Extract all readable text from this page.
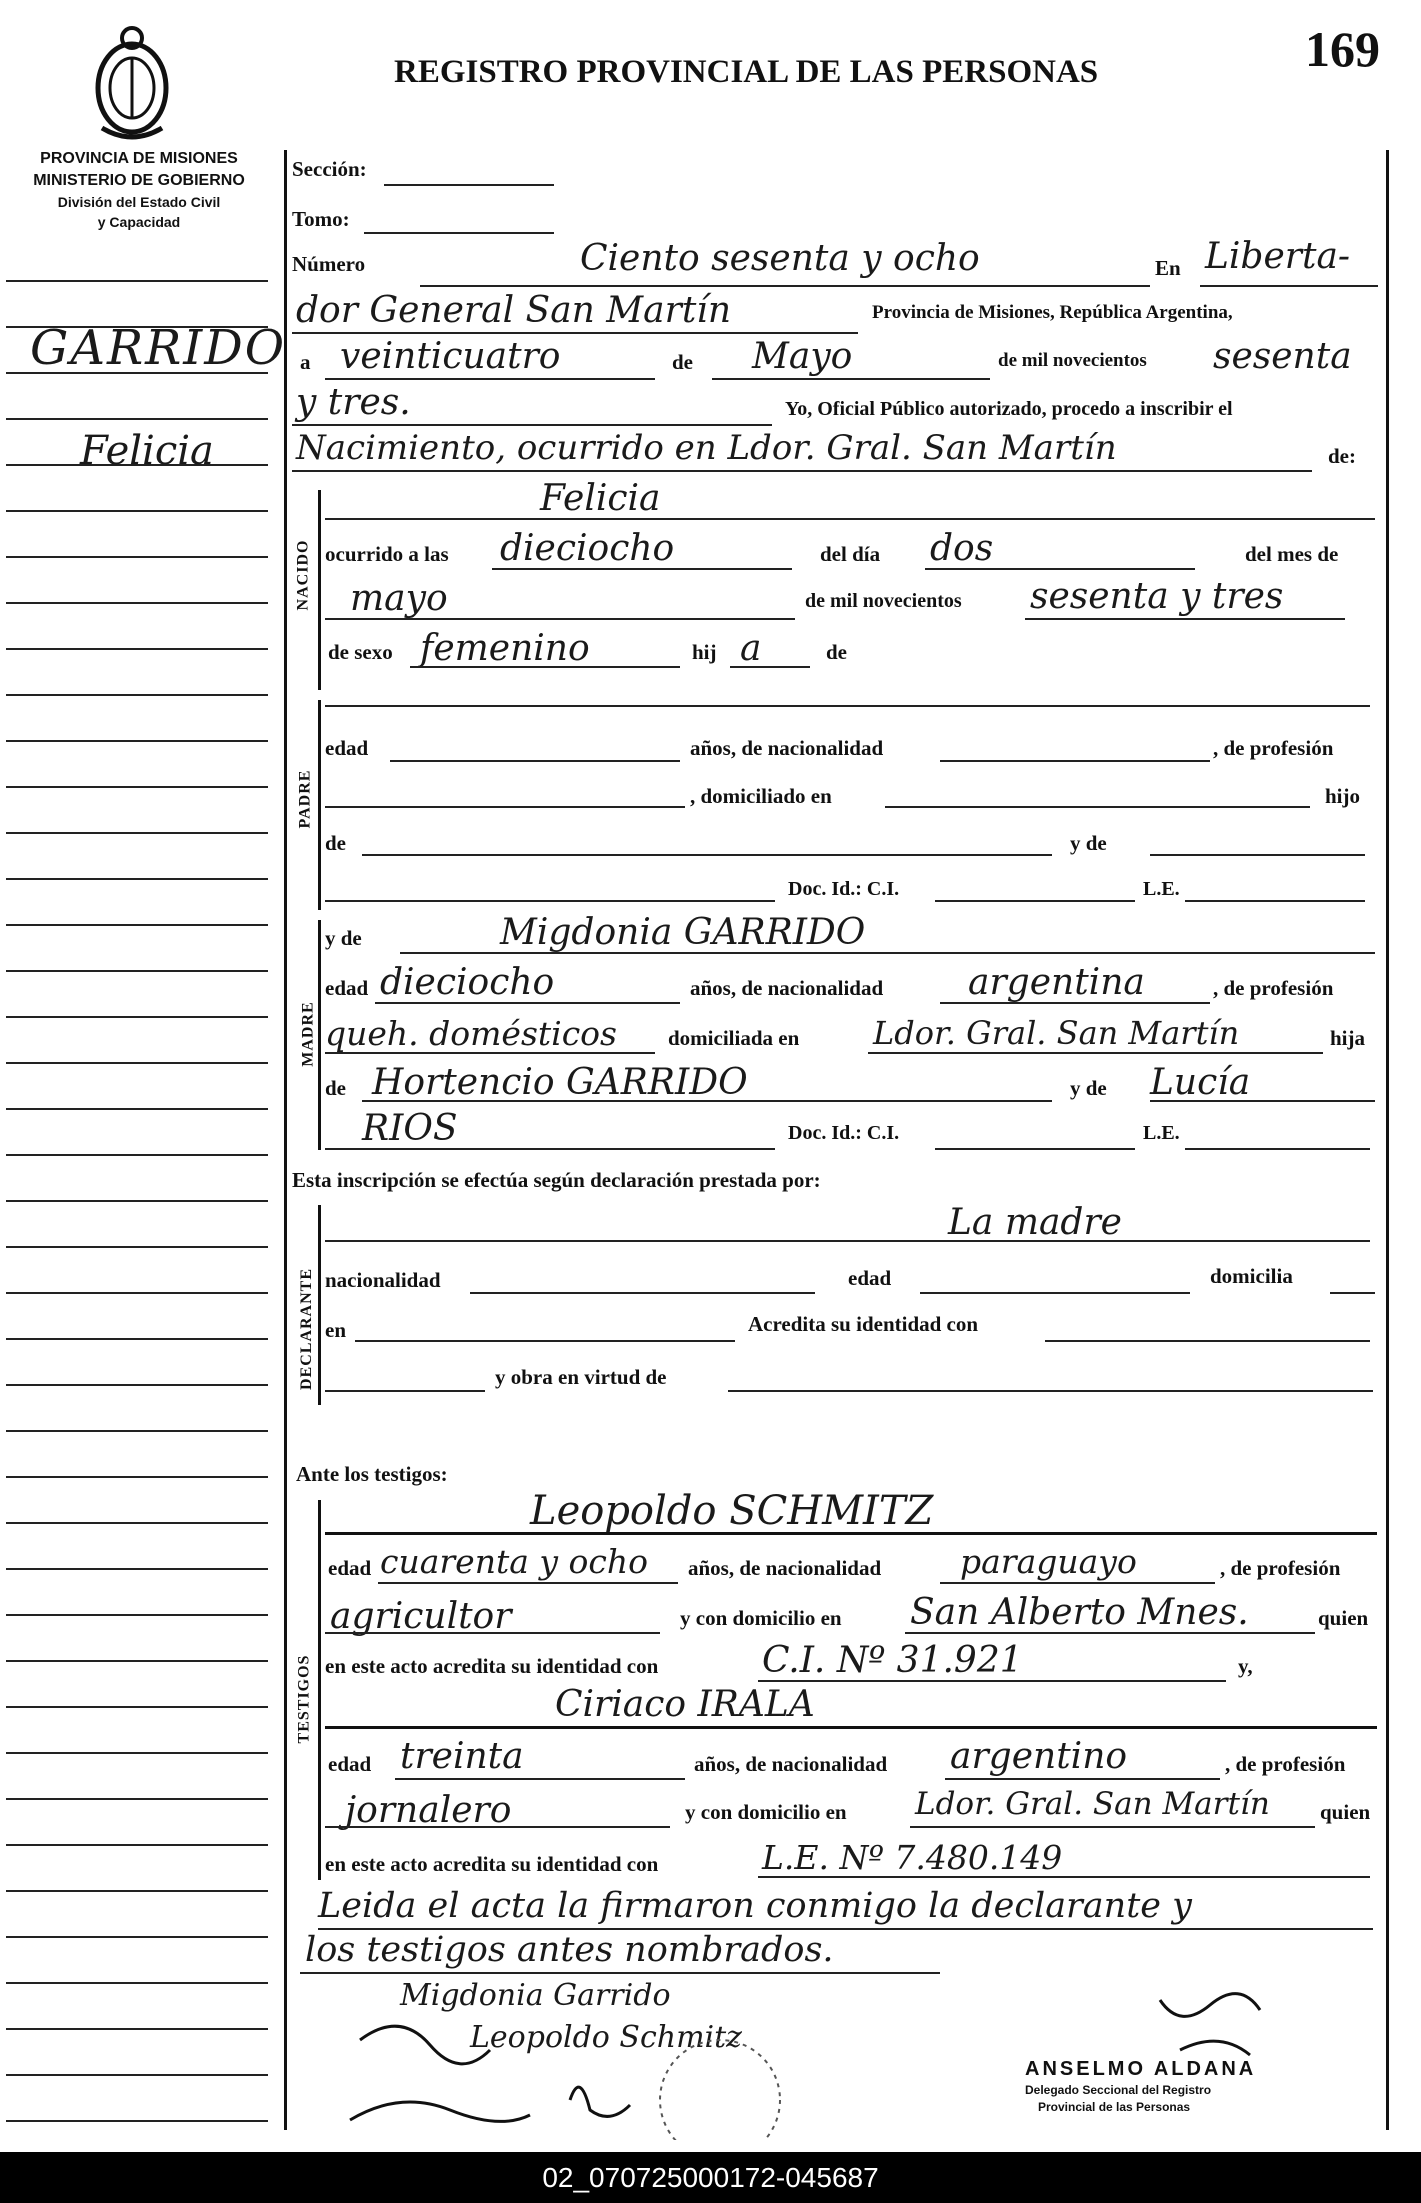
REGISTRO PROVINCIAL DE LAS PERSONAS	169
PROVINCIA DE MISIONES
MINISTERIO DE GOBIERNO
División del Estado Civil
y Capacidad
GARRIDO
Felicia
NACIDO
PADRE
MADRE
DECLARANTE
TESTIGOS
Sección:
Tomo:
Número	Ciento sesenta y ocho	En Liberta-
dor General San Martín	Provincia de Misiones, República Argentina,
a veinticuatro	de Mayo	de mil novecientos sesenta
y tres.	Yo, Oficial Público autorizado, procedo a inscribir el
Nacimiento, ocurrido en Ldor. Gral. San Martín	de:
Felicia
ocurrido a las dieciocho	del día dos	del mes de
mayo	de mil novecientos sesenta y tres
de sexo femenino	hij a	de
edad	años, de nacionalidad	, de profesión
, domiciliado en	hijo
de	y de
Doc. Id.: C.I.	L.E.
y de	Migdonia GARRIDO
edad dieciocho	años, de nacionalidad argentina	, de profesión
queh. domésticos domiciliada en Ldor. Gral. San Martín	hija
de Hortencio GARRIDO	y de Lucía
RIOS	Doc. Id.: C.I.	L.E.
Esta inscripción se efectúa según declaración prestada por:
La madre
nacionalidad	edad	domicilia
en	Acredita su identidad con
y obra en virtud de
Ante los testigos:
Leopoldo SCHMITZ
edad cuarenta y ocho años, de nacionalidad paraguayo	, de profesión
agricultor	y con domicilio en San Alberto Mnes.	quien
en este acto acredita su identidad con	C.I. Nº 31.921	y,
Ciriaco IRALA
edad treinta	años, de nacionalidad argentino	, de profesión
jornalero	y con domicilio en Ldor. Gral. San Martín quien
en este acto acredita su identidad con	L.E. Nº 7.480.149
Leida el acta la firmaron conmigo la declarante y
los testigos antes nombrados.
Migdonia Garrido
Leopoldo Schmitz
ANSELMO ALDANA
Delegado Seccional del Registro
Provincial de las Personas
02_070725000172-045687
